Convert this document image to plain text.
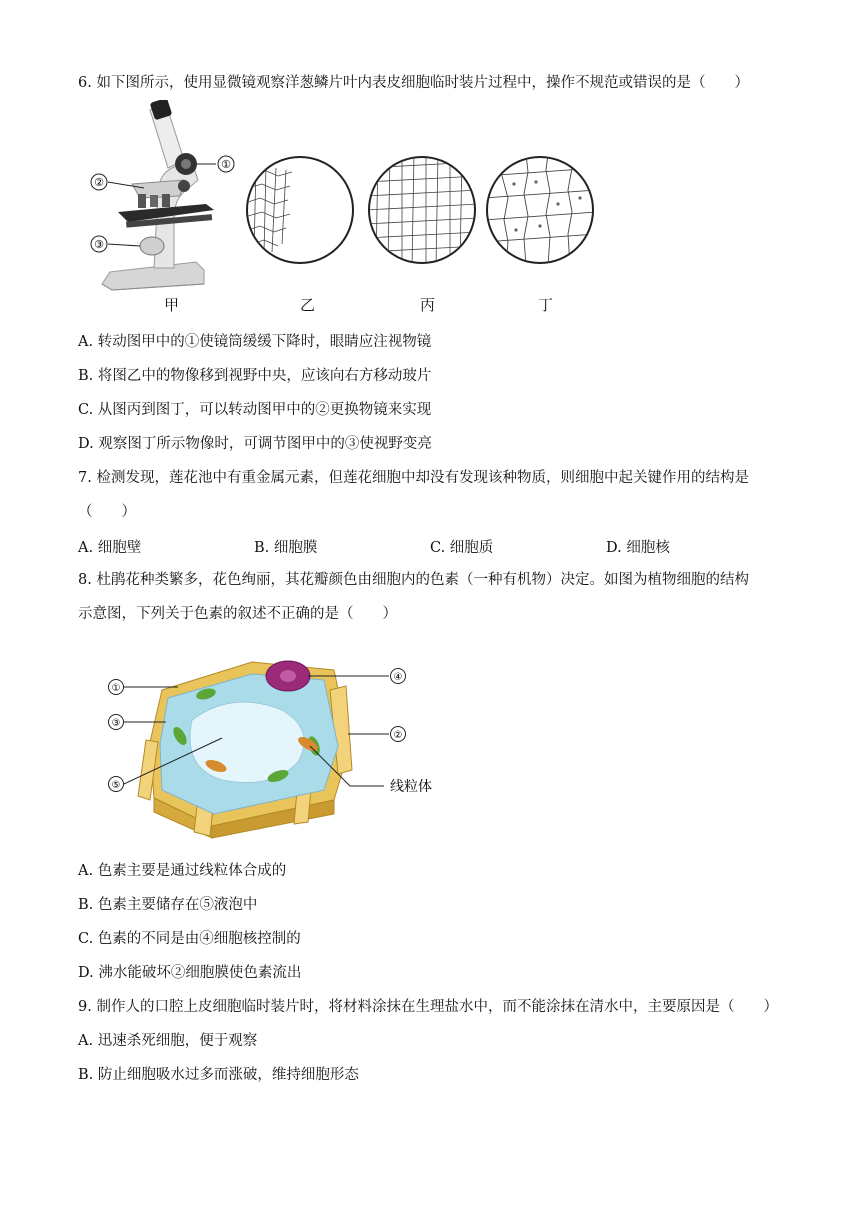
6. 如下图所示，使用显微镜观察洋葱鳞片叶内表皮细胞临时装片过程中，操作不规范或错误的是（　　）
①
②
③
甲	乙	丙	丁
A. 转动图甲中的①使镜筒缓缓下降时，眼睛应注视物镜
B. 将图乙中的物像移到视野中央，应该向右方移动玻片
C. 从图丙到图丁，可以转动图甲中的②更换物镜来实现
D. 观察图丁所示物像时，可调节图甲中的③使视野变亮
7. 检测发现，莲花池中有重金属元素，但莲花细胞中却没有发现该种物质，则细胞中起关键作用的结构是
（　　）
A. 细胞壁	B. 细胞膜	C. 细胞质	D. 细胞核
8. 杜鹃花种类繁多，花色绚丽，其花瓣颜色由细胞内的色素（一种有机物）决定。如图为植物细胞的结构
示意图，下列关于色素的叙述不正确的是（　　）
①
③
⑤
④
②
线粒体
A. 色素主要是通过线粒体合成的
B. 色素主要储存在⑤液泡中
C. 色素的不同是由④细胞核控制的
D. 沸水能破坏②细胞膜使色素流出
9. 制作人的口腔上皮细胞临时装片时，将材料涂抹在生理盐水中，而不能涂抹在清水中，主要原因是（　　）
A. 迅速杀死细胞，便于观察
B. 防止细胞吸水过多而涨破，维持细胞形态
